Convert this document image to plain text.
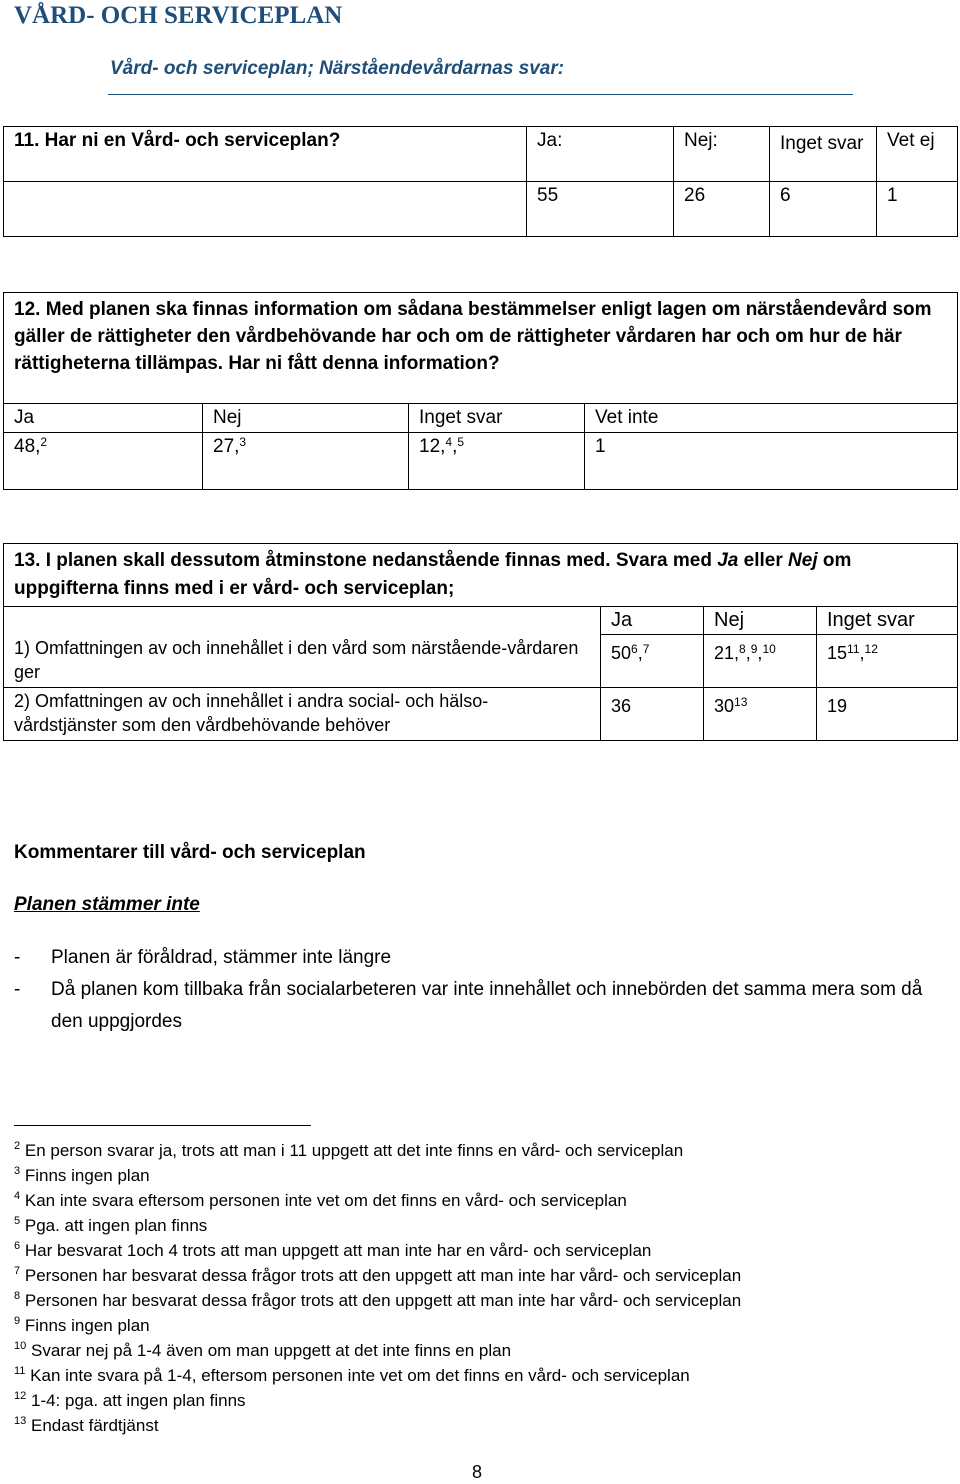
VÅRD- OCH SERVICEPLAN
Vård- och serviceplan; Närståendevårdarnas svar:
11. Har ni en Vård- och serviceplan?	Ja:	Nej:	Inget svar	Vet ej
	55	26	6	1
12. Med planen ska finnas information om sådana bestämmelser enligt lagen om närståendevård som gäller de rättigheter den vårdbehövande har och om de rättigheter vårdaren har och om hur de här rättigheterna tillämpas. Har ni fått denna information?			
Ja	Nej	Inget svar	Vet inte
48,$^2$	27,$^3$	12,$^4$,$^5$	1
13. I planen skall dessutom åtminstone nedanstående finnas med. Svara med Ja eller Nej om uppgifterna finns med i er vård- och serviceplan;			
	Ja	Nej	Inget svar
1) Omfattningen av och innehållet i den vård som närstående-vårdaren ger	$50^6,^7$	21,$^8$,$^9$,$^{10}$	$15^{11},^{12}$
2) Omfattningen av och innehållet i andra social- och hälso-vårdstjänster som den vårdbehövande behöver	36	$30^{13}$	19
Kommentarer till vård- och serviceplan
Planen stämmer inte
- Planen är föråldrad, stämmer inte längre
- Då planen kom tillbaka från socialarbeteren var inte innehållet och innebörden det samma mera som då den uppgjordes
$^2$ En person svarar ja, trots att man i 11 uppgett att det inte finns en vård- och serviceplan
$^3$ Finns ingen plan
$^4$ Kan inte svara eftersom personen inte vet om det finns en vård- och serviceplan
$^5$ Pga. att ingen plan finns
$^6$ Har besvarat 1och 4 trots att man uppgett att man inte har en vård- och serviceplan
$^7$ Personen har besvarat dessa frågor trots att den uppgett att man inte har vård- och serviceplan
$^8$ Personen har besvarat dessa frågor trots att den uppgett att man inte har vård- och serviceplan
$^9$ Finns ingen plan
$^{10}$ Svarar nej på 1-4 även om man uppgett at det inte finns en plan
$^{11}$ Kan inte svara på 1-4, eftersom personen inte vet om det finns en vård- och serviceplan
$^{12}$ 1-4: pga. att ingen plan finns
$^{13}$ Endast färdtjänst
8
